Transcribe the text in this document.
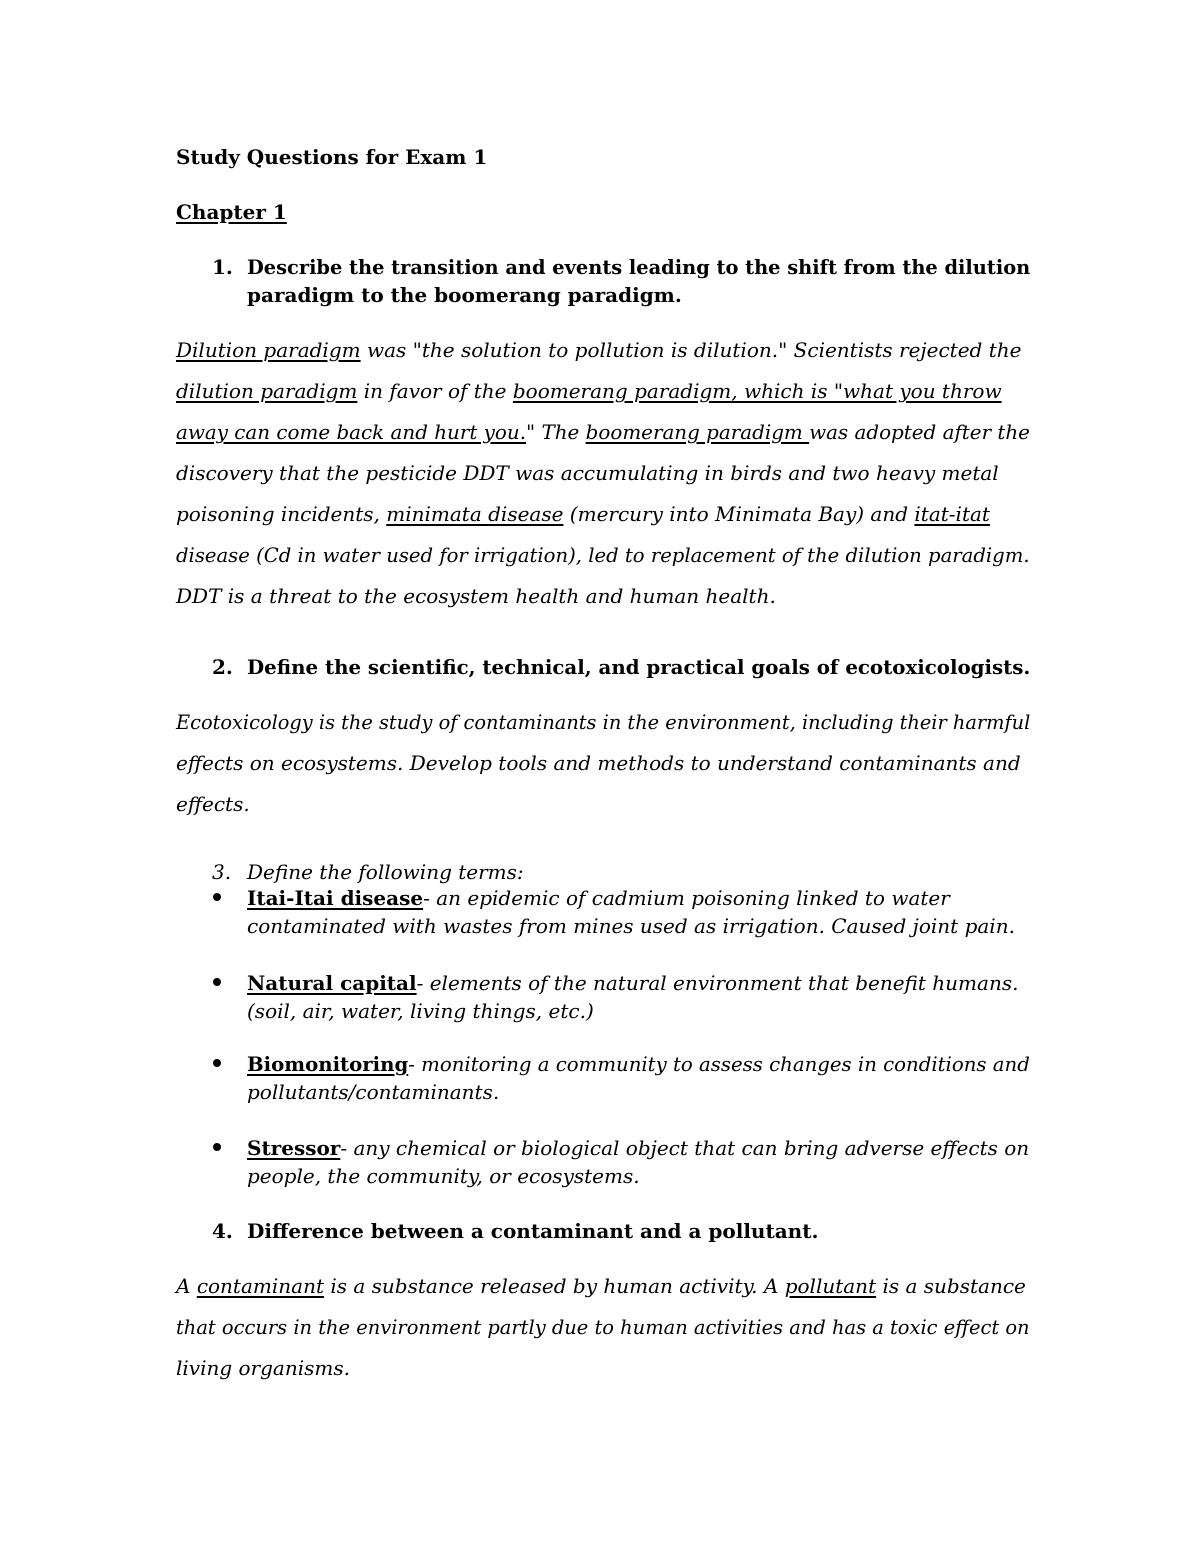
Study Questions for Exam 1
Chapter 1
1. Describe the transition and events leading to the shift from the dilution
paradigm to the boomerang paradigm.
Dilution paradigm was "the solution to pollution is dilution." Scientists rejected the
dilution paradigm in favor of the boomerang paradigm, which is "what you throw
away can come back and hurt you." The boomerang paradigm was adopted after the
discovery that the pesticide DDT was accumulating in birds and two heavy metal
poisoning incidents, minimata disease (mercury into Minimata Bay) and itat-itat
disease (Cd in water used for irrigation), led to replacement of the dilution paradigm.
DDT is a threat to the ecosystem health and human health.
2. Define the scientific, technical, and practical goals of ecotoxicologists.
Ecotoxicology is the study of contaminants in the environment, including their harmful
effects on ecosystems. Develop tools and methods to understand contaminants and
effects.
3. Define the following terms:
Itai-Itai disease- an epidemic of cadmium poisoning linked to water
contaminated with wastes from mines used as irrigation. Caused joint pain.
Natural capital- elements of the natural environment that benefit humans.
(soil, air, water, living things, etc.)
Biomonitoring- monitoring a community to assess changes in conditions and
pollutants/contaminants.
Stressor- any chemical or biological object that can bring adverse effects on
people, the community, or ecosystems.
4. Difference between a contaminant and a pollutant.
A contaminant is a substance released by human activity. A pollutant is a substance
that occurs in the environment partly due to human activities and has a toxic effect on
living organisms.
